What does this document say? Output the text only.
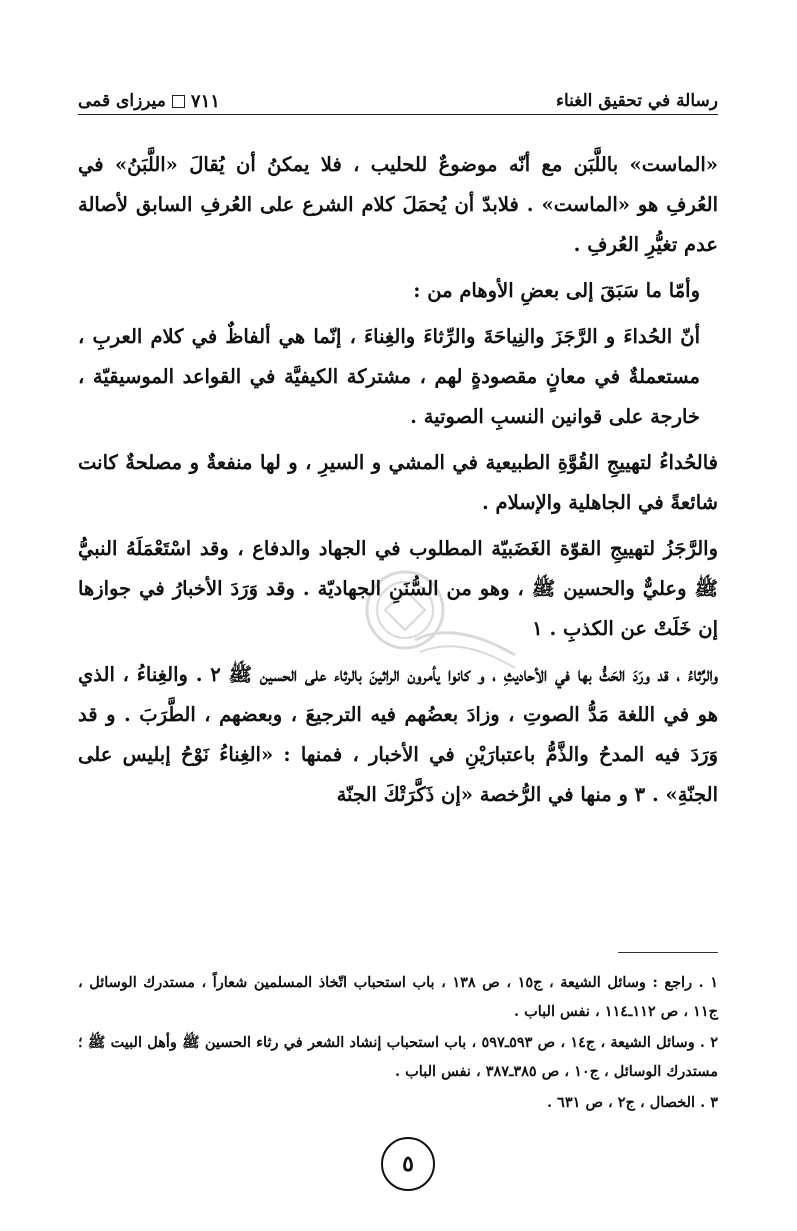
رسالة في تحقيق الغناء
ميرزاى قمى ٧١١

«الماست» باللَّبَن مع أنّه موضوعٌ للحليب ، فلا يمكنُ أن يُقالَ «اللَّبَنُ» في العُرفِ هو «الماست» . فلابدّ أن يُحمَلَ كلام الشرع على العُرفِ السابق لأصالة عدم تغيُّرِ العُرفِ .

وأمّا ما سَبَقَ إلى بعضِ الأوهام من :

أنّ الحُداءَ و الرَّجَزَ والنِياحَةَ والرِّثاءَ والغِناءَ ، إنّما هي ألفاظٌ في كلام العربِ ، مستعملةٌ في معانٍ مقصودةٍ لهم ، مشتركة الكيفيَّة في القواعد الموسيقيّة ، خارجة على قوانين النسبِ الصوتية .

فالحُداءُ لتهييجِ القُوَّةِ الطبيعية في المشي و السيرِ ، و لها منفعةٌ و مصلحةٌ كانت شائعةً في الجاهلية والإسلام .

والرَّجَزُ لتهييجِ القوّة الغَضَبيّة المطلوب في الجهاد والدفاع ، وقد اسْتَعْمَلَهُ النبيُّ ﷺ وعليٌّ والحسين ﷺ ، وهو من السُّنَنِ الجهاديّة . وقد وَرَدَ الأخبارُ في جوازها إن خَلَتْ عن الكذبِ . ١

والرِّثاءُ ، قد ورَدَ الحَثُّ بها في الأحاديثِ ، و كانوا يأمرون الراثينَ بالرثاء على الحسين ﷺ ٢ . والغِناءُ ، الذي هو في اللغة مَدُّ الصوتِ ، وزادَ بعضُهم فيه الترجيعَ ، وبعضهم ، الطَّرَبَ . و قد وَرَدَ فيه المدحُ والذَّمُّ باعتبارَيْنِ في الأخبار ، فمنها : «الغِناءُ نَوْحُ إبليس على الجنّةِ» . ٣ و منها في الرُّخصة «إن ذَكَّرَتْكَ الجنّة

١ . راجع : وسائل الشيعة ، ج١٥ ، ص ١٣٨ ، باب استحباب اتّخاذ المسلمين شعاراً ، مستدرك الوسائل ، ج١١ ، ص ١١٢ـ١١٤ ، نفس الباب .

٢ . وسائل الشيعة ، ج١٤ ، ص ٥٩٣ـ٥٩٧ ، باب استحباب إنشاد الشعر في رثاء الحسين ﷺ وأهل البيت ﷺ ؛ مستدرك الوسائل ، ج١٠ ، ص ٣٨٥ـ٣٨٧ ، نفس الباب .

٣ . الخصال ، ج٢ ، ص ٦٣١ .

٥
